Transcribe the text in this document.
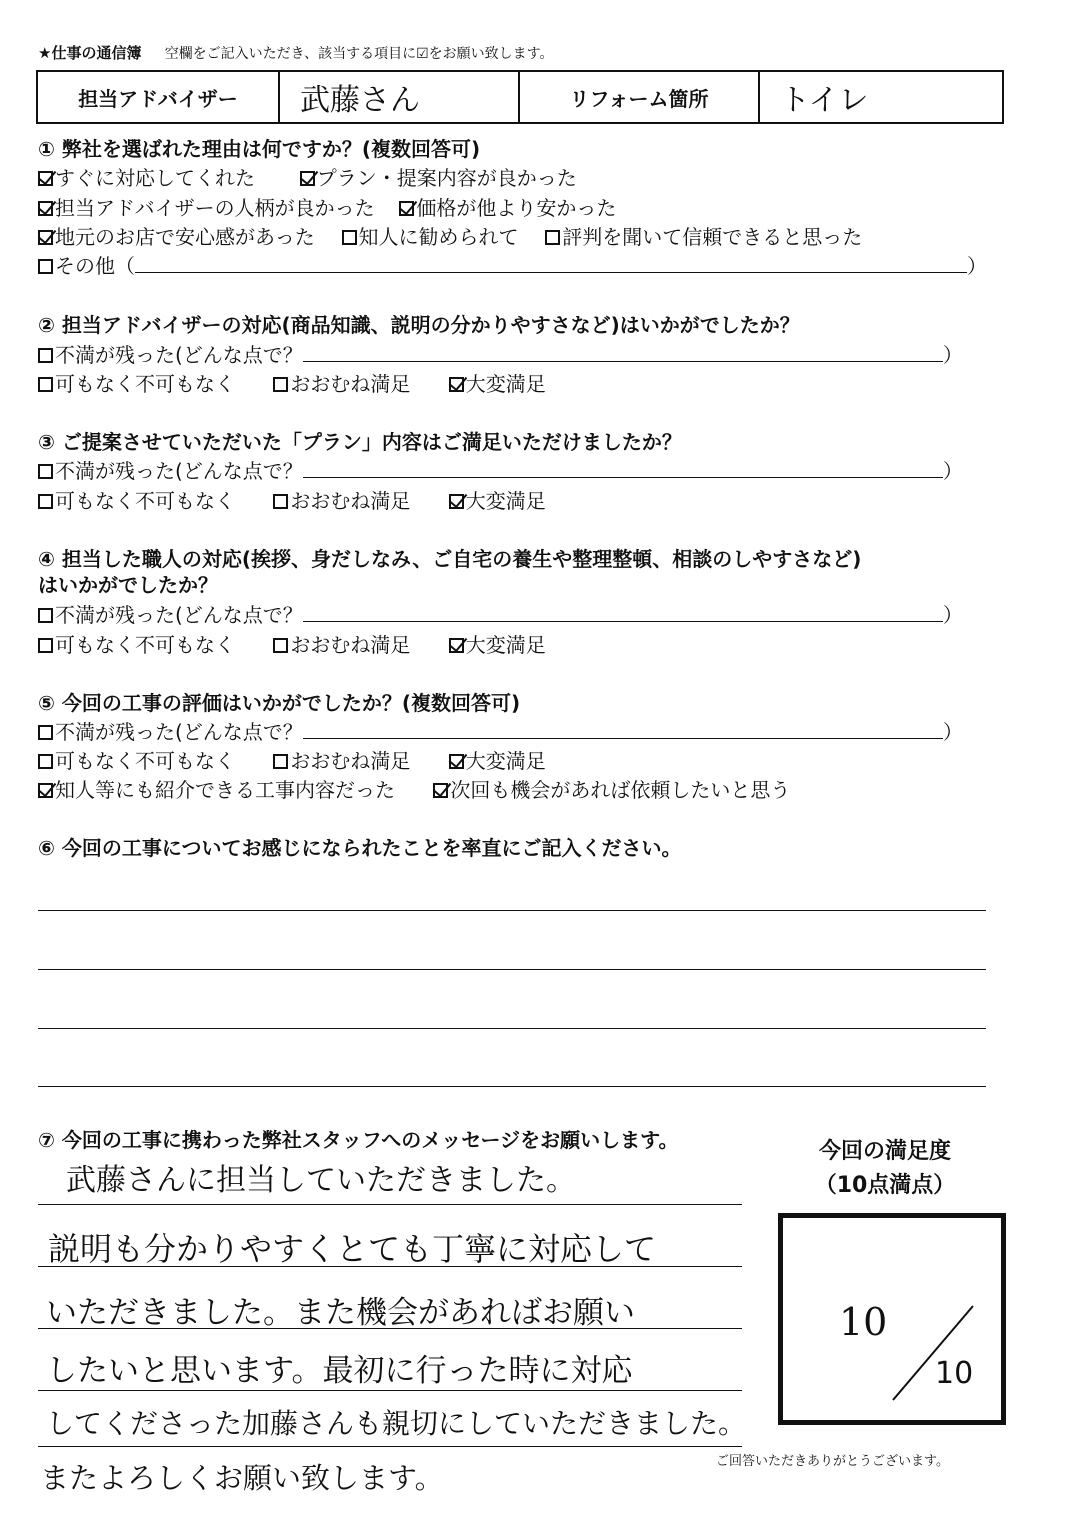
★仕事の通信簿 空欄をご記入いただき、該当する項目に☑をお願い致します。
担当アドバイザー	武藤さん	リフォーム箇所	トイレ
① 弊社を選ばれた理由は何ですか？(複数回答可)
すぐに対応してくれた	プラン・提案内容が良かった
担当アドバイザーの人柄が良かった 価格が他より安かった
地元のお店で安心感があった 知人に勧められて 評判を聞いて信頼できると思った
その他（	）
② 担当アドバイザーの対応(商品知識、説明の分かりやすさなど)はいかがでしたか？
不満が残った(どんな点で？	）
可もなく不可もなく	おおむね満足	大変満足
③ ご提案させていただいた「プラン」内容はご満足いただけましたか？
不満が残った(どんな点で？	）
可もなく不可もなく	おおむね満足	大変満足
④ 担当した職人の対応(挨拶、身だしなみ、ご自宅の養生や整理整頓、相談のしやすさなど)
はいかがでしたか？
不満が残った(どんな点で？	）
可もなく不可もなく	おおむね満足	大変満足
⑤ 今回の工事の評価はいかがでしたか？(複数回答可)
不満が残った(どんな点で？	）
可もなく不可もなく	おおむね満足	大変満足
知人等にも紹介できる工事内容だった	次回も機会があれば依頼したいと思う
⑥ 今回の工事についてお感じになられたことを率直にご記入ください。
⑦ 今回の工事に携わった弊社スタッフへのメッセージをお願いします。
武藤さんに担当していただきました。
説明も分かりやすくとても丁寧に対応して
いただきました。また機会があればお願い
したいと思います。最初に行った時に対応
してくださった加藤さんも親切にしていただきました。
またよろしくお願い致します。
今回の満足度
（10点満点）
10
10
ご回答いただきありがとうございます。
